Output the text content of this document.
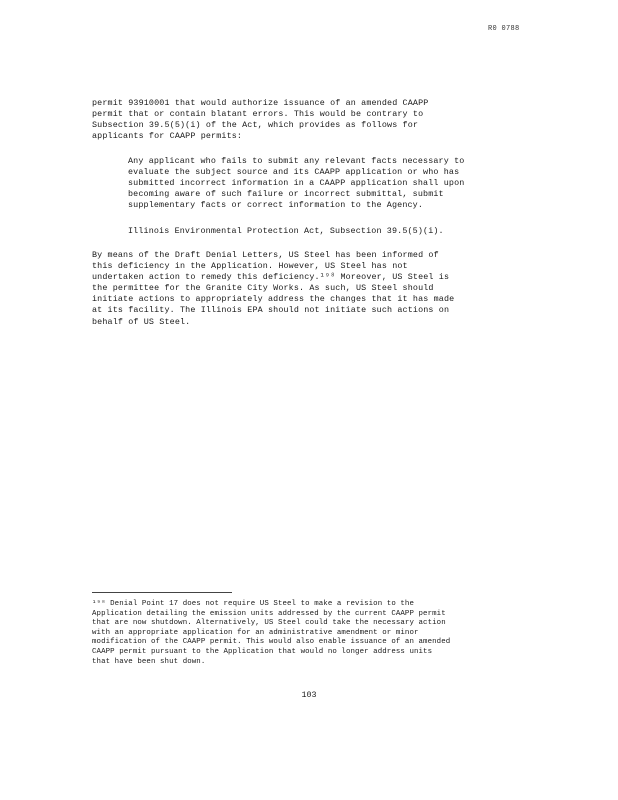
R0 0788
permit 93910001 that would authorize issuance of an amended CAAPP
permit that or contain blatant errors. This would be contrary to
Subsection 39.5(5)(i) of the Act, which provides as follows for
applicants for CAAPP permits:
Any applicant who fails to submit any relevant facts necessary to
evaluate the subject source and its CAAPP application or who has
submitted incorrect information in a CAAPP application shall upon
becoming aware of such failure or incorrect submittal, submit
supplementary facts or correct information to the Agency.
Illinois Environmental Protection Act, Subsection 39.5(5)(i).
By means of the Draft Denial Letters, US Steel has been informed of
this deficiency in the Application. However, US Steel has not
undertaken action to remedy this deficiency.¹⁹⁸ Moreover, US Steel is
the permittee for the Granite City Works. As such, US Steel should
initiate actions to appropriately address the changes that it has made
at its facility. The Illinois EPA should not initiate such actions on
behalf of US Steel.
¹⁹⁸ Denial Point 17 does not require US Steel to make a revision to the
Application detailing the emission units addressed by the current CAAPP permit
that are now shutdown. Alternatively, US Steel could take the necessary action
with an appropriate application for an administrative amendment or minor
modification of the CAAPP permit. This would also enable issuance of an amended
CAAPP permit pursuant to the Application that would no longer address units
that have been shut down.
103
